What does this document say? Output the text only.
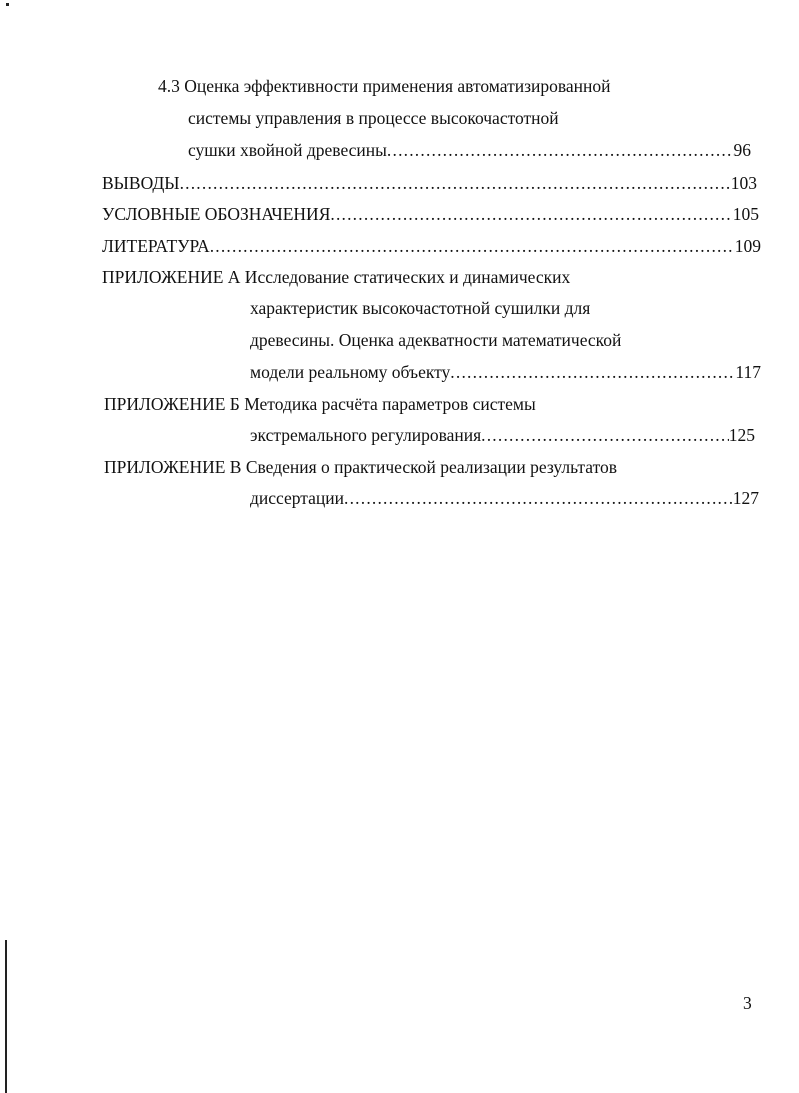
4.3 Оценка эффективности применения автоматизированной
системы управления в процессе высокочастотной
сушки хвойной древесины .....	96
ВЫВОДЫ .....	103
УСЛОВНЫЕ ОБОЗНАЧЕНИЯ .....	105
ЛИТЕРАТУРА .....	109
ПРИЛОЖЕНИЕ А Исследование статических и динамических
характеристик высокочастотной сушилки для
древесины. Оценка адекватности математической
модели реальному объекту .....	117
ПРИЛОЖЕНИЕ Б Методика расчёта параметров системы
экстремального регулирования .....	125
ПРИЛОЖЕНИЕ В Сведения о практической реализации результатов
диссертации .....	127
3
